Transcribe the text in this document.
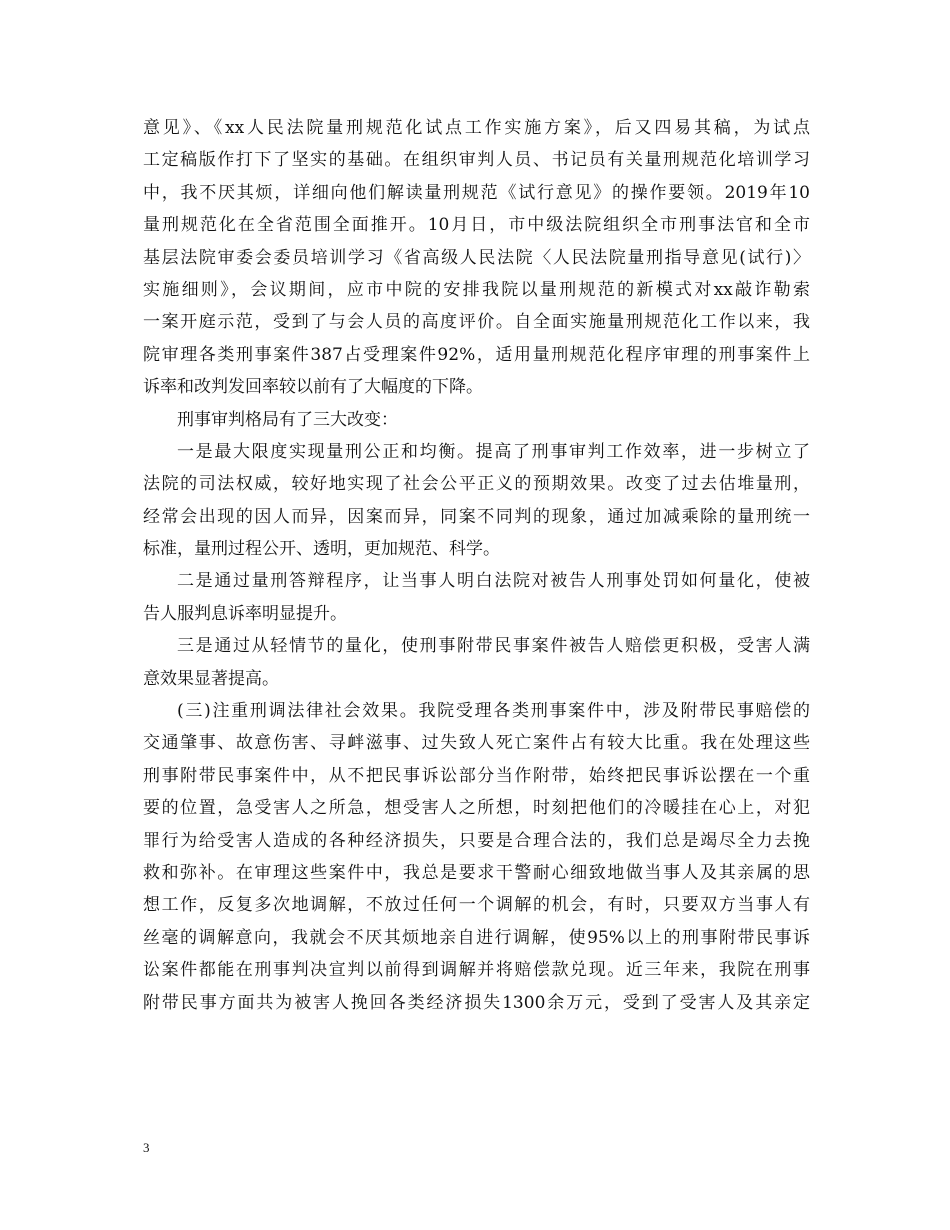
意见》、《xx人民法院量刑规范化试点工作实施方案》，后又四易其稿，为试点
工定稿版作打下了坚实的基础。在组织审判人员、书记员有关量刑规范化培训学习
中，我不厌其烦，详细向他们解读量刑规范《试行意见》的操作要领。2019年10
量刑规范化在全省范围全面推开。10月日，市中级法院组织全市刑事法官和全市
基层法院审委会委员培训学习《省高级人民法院〈人民法院量刑指导意见(试行)〉
实施细则》，会议期间，应市中院的安排我院以量刑规范的新模式对xx敲诈勒索
一案开庭示范，受到了与会人员的高度评价。自全面实施量刑规范化工作以来，我
院审理各类刑事案件387占受理案件92%，适用量刑规范化程序审理的刑事案件上
诉率和改判发回率较以前有了大幅度的下降。
刑事审判格局有了三大改变：
一是最大限度实现量刑公正和均衡。提高了刑事审判工作效率，进一步树立了
法院的司法权威，较好地实现了社会公平正义的预期效果。改变了过去估堆量刑，
经常会出现的因人而异，因案而异，同案不同判的现象，通过加减乘除的量刑统一
标准，量刑过程公开、透明，更加规范、科学。
二是通过量刑答辩程序，让当事人明白法院对被告人刑事处罚如何量化，使被
告人服判息诉率明显提升。
三是通过从轻情节的量化，使刑事附带民事案件被告人赔偿更积极，受害人满
意效果显著提高。
(三)注重刑调法律社会效果。我院受理各类刑事案件中，涉及附带民事赔偿的
交通肇事、故意伤害、寻衅滋事、过失致人死亡案件占有较大比重。我在处理这些
刑事附带民事案件中，从不把民事诉讼部分当作附带，始终把民事诉讼摆在一个重
要的位置，急受害人之所急，想受害人之所想，时刻把他们的冷暖挂在心上，对犯
罪行为给受害人造成的各种经济损失，只要是合理合法的，我们总是竭尽全力去挽
救和弥补。在审理这些案件中，我总是要求干警耐心细致地做当事人及其亲属的思
想工作，反复多次地调解，不放过任何一个调解的机会，有时，只要双方当事人有
丝毫的调解意向，我就会不厌其烦地亲自进行调解，使95%以上的刑事附带民事诉
讼案件都能在刑事判决宣判以前得到调解并将赔偿款兑现。近三年来，我院在刑事
附带民事方面共为被害人挽回各类经济损失1300余万元，受到了受害人及其亲定
3
